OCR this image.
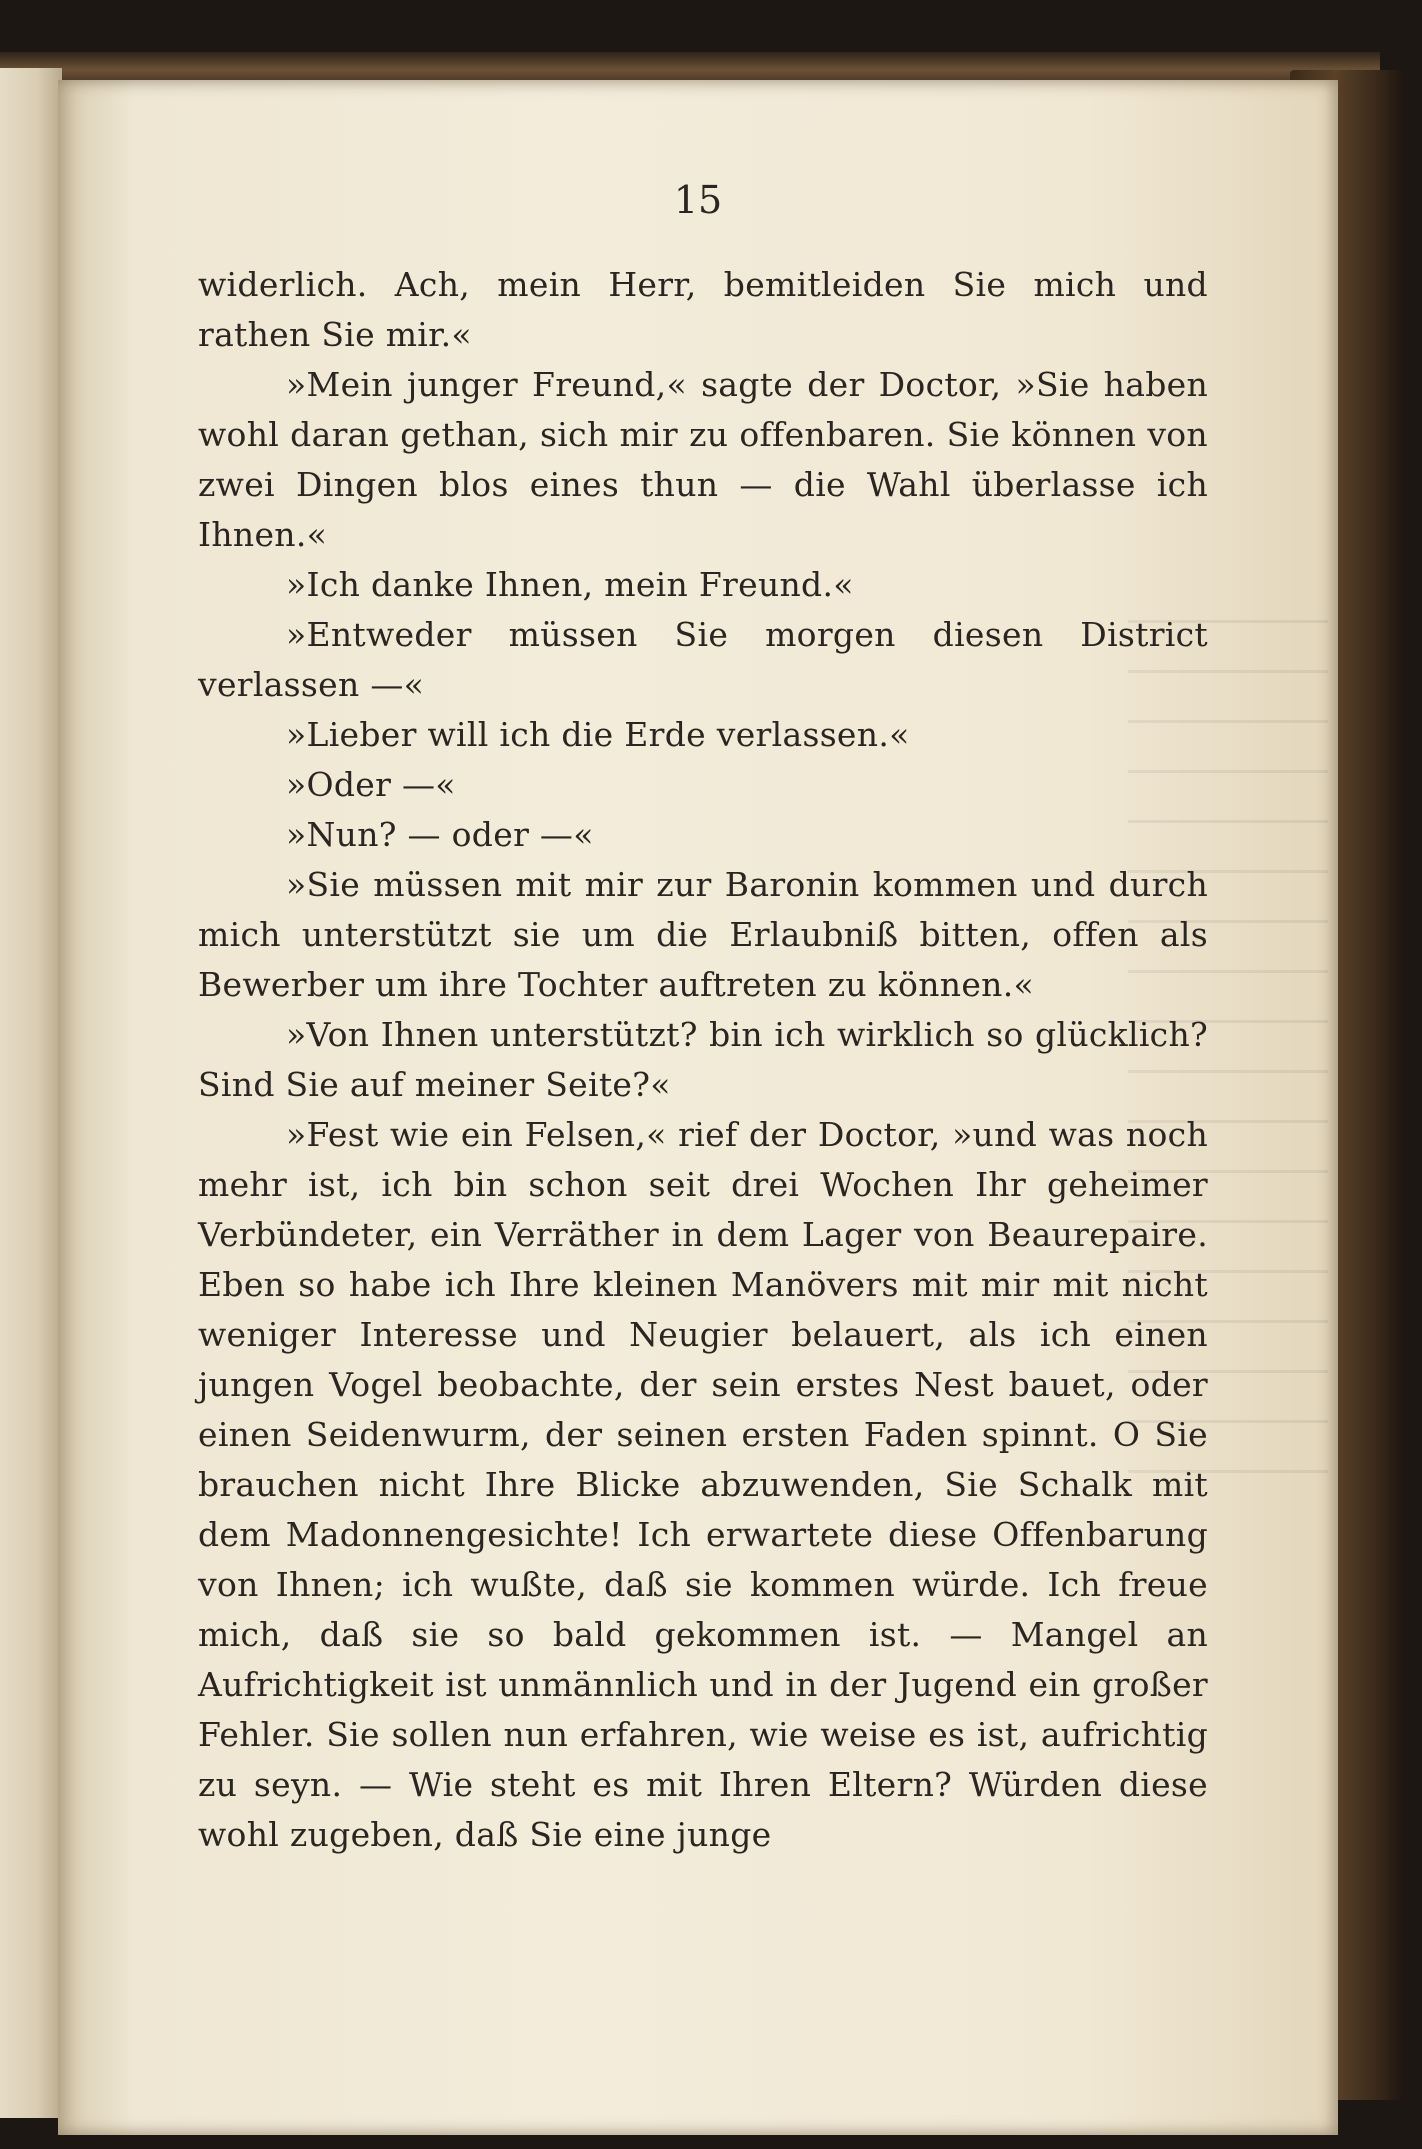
15

widerlich. Ach, mein Herr, bemitleiden Sie mich und rathen Sie mir.«

»Mein junger Freund,« sagte der Doctor, »Sie haben wohl daran gethan, sich mir zu offenbaren. Sie können von zwei Dingen blos eines thun — die Wahl überlasse ich Ihnen.«

»Ich danke Ihnen, mein Freund.«

»Entweder müssen Sie morgen diesen District verlassen —«

»Lieber will ich die Erde verlassen.«

»Oder —«

»Nun? — oder —«

»Sie müssen mit mir zur Baronin kommen und durch mich unterstützt sie um die Erlaubniß bitten, offen als Bewerber um ihre Tochter auftreten zu können.«

»Von Ihnen unterstützt? bin ich wirklich so glücklich? Sind Sie auf meiner Seite?«

»Fest wie ein Felsen,« rief der Doctor, »und was noch mehr ist, ich bin schon seit drei Wochen Ihr geheimer Verbündeter, ein Verräther in dem Lager von Beaurepaire. Eben so habe ich Ihre kleinen Manövers mit mir mit nicht weniger Interesse und Neugier belauert, als ich einen jungen Vogel beobachte, der sein erstes Nest bauet, oder einen Seidenwurm, der seinen ersten Faden spinnt. O Sie brauchen nicht Ihre Blicke abzuwenden, Sie Schalk mit dem Madonnengesichte! Ich erwartete diese Offenbarung von Ihnen; ich wußte, daß sie kommen würde. Ich freue mich, daß sie so bald gekommen ist. — Mangel an Aufrichtigkeit ist unmännlich und in der Jugend ein großer Fehler. Sie sollen nun erfahren, wie weise es ist, aufrichtig zu seyn. — Wie steht es mit Ihren Eltern? Würden diese wohl zugeben, daß Sie eine junge
